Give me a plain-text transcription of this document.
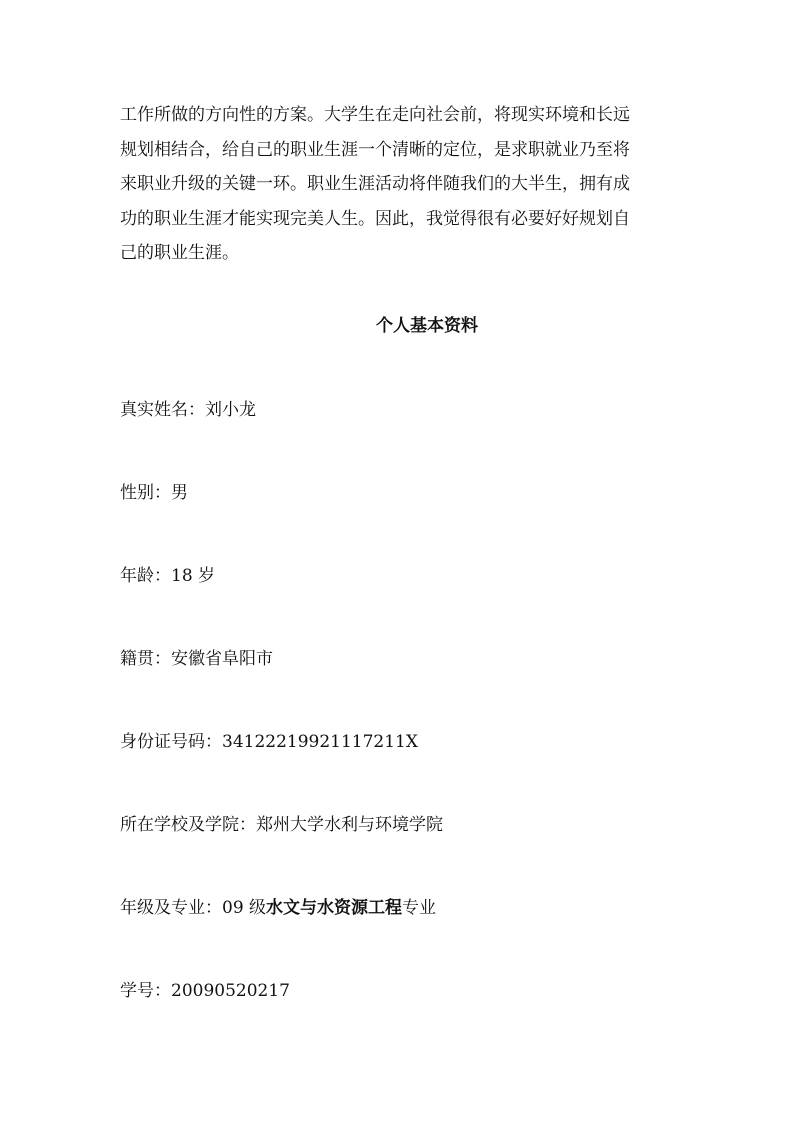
工作所做的方向性的方案。大学生在走向社会前，将现实环境和长远
规划相结合，给自己的职业生涯一个清晰的定位，是求职就业乃至将
来职业升级的关键一环。职业生涯活动将伴随我们的大半生，拥有成
功的职业生涯才能实现完美人生。因此，我觉得很有必要好好规划自
己的职业生涯。

个人基本资料

真实姓名：刘小龙

性别：男

年龄：18 岁

籍贯：安徽省阜阳市

身份证号码：34122219921117211X

所在学校及学院：郑州大学水利与环境学院

年级及专业：09 级水文与水资源工程专业

学号：20090520217
